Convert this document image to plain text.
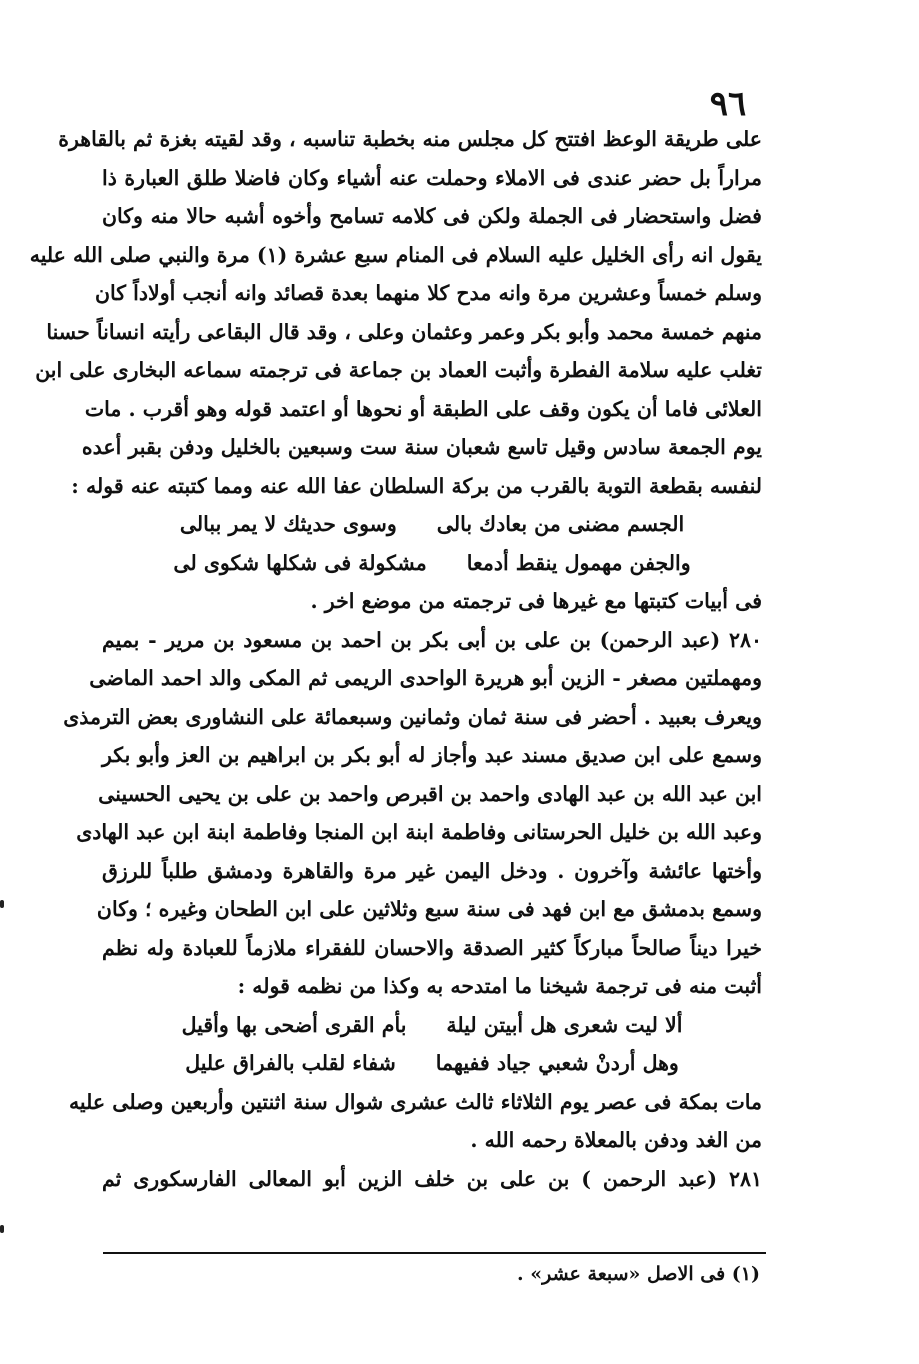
٩٦
على طريقة الوعظ افتتح كل مجلس منه بخطبة تناسبه ، وقد لقيته بغزة ثم بالقاهرة
مراراً بل حضر عندى فى الاملاء وحملت عنه أشياء وكان فاضلا طلق العبارة ذا
فضل واستحضار فى الجملة ولكن فى كلامه تسامح وأخوه أشبه حالا منه وكان
يقول انه رأى الخليل عليه السلام فى المنام سبع عشرة (١) مرة والنبي صلى الله عليه
وسلم خمساً وعشرين مرة وانه مدح كلا منهما بعدة قصائد وانه أنجب أولاداً كان
منهم خمسة محمد وأبو بكر وعمر وعثمان وعلى ، وقد قال البقاعى رأيته انساناً حسنا
تغلب عليه سلامة الفطرة وأثبت العماد بن جماعة فى ترجمته سماعه البخارى على ابن
العلائى فاما أن يكون وقف على الطبقة أو نحوها أو اعتمد قوله وهو أقرب . مات
يوم الجمعة سادس وقيل تاسع شعبان سنة ست وسبعين بالخليل ودفن بقبر أعده
لنفسه بقطعة التوبة بالقرب من بركة السلطان عفا الله عنه ومما كتبته عنه قوله :
الجسم مضنى من بعادك بالى
وسوى حديثك لا يمر ببالى
والجفن مهمول ينقط أدمعا
مشكولة فى شكلها شكوى لى
فى أبيات كتبتها مع غيرها فى ترجمته من موضع اخر .
٢٨٠ (عبد الرحمن) بن على بن أبى بكر بن احمد بن مسعود بن مرير - بميم
ومهملتين مصغر - الزين أبو هريرة الواحدى الريمى ثم المكى والد احمد الماضى
ويعرف بعبيد . أحضر فى سنة ثمان وثمانين وسبعمائة على النشاورى بعض الترمذى
وسمع على ابن صديق مسند عبد وأجاز له أبو بكر بن ابراهيم بن العز وأبو بكر
ابن عبد الله بن عبد الهادى واحمد بن اقبرص واحمد بن على بن يحيى الحسينى
وعبد الله بن خليل الحرستانى وفاطمة ابنة ابن المنجا وفاطمة ابنة ابن عبد الهادى
وأختها عائشة وآخرون . ودخل اليمن غير مرة والقاهرة ودمشق طلباً للرزق
وسمع بدمشق مع ابن فهد فى سنة سبع وثلاثين على ابن الطحان وغيره ؛ وكان
خيرا ديناً صالحاً مباركاً كثير الصدقة والاحسان للفقراء ملازماً للعبادة وله نظم
أثبت منه فى ترجمة شيخنا ما امتدحه به وكذا من نظمه قوله :
ألا ليت شعرى هل أبيتن ليلة
بأم القرى أضحى بها وأقيل
وهل أردنْ شعبي جياد ففيهما
شفاء لقلب بالفراق عليل
مات بمكة فى عصر يوم الثلاثاء ثالث عشرى شوال سنة اثنتين وأربعين وصلى عليه
من الغد ودفن بالمعلاة رحمه الله .
٢٨١ (عبد الرحمن ) بن على بن خلف الزين أبو المعالى الفارسكورى ثم
(١) فى الاصل «سبعة عشر» .
